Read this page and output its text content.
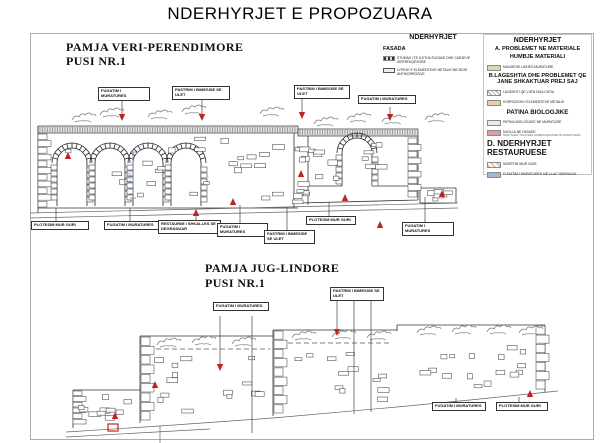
NDERHYRJET E PROPOZUARA
170
PAMJA VERI-PERENDIMORE
PUSI NR.1
PAMJA JUG-LINDORE
PUSI NR.1
FUGATIM I MURATURES
PASTRIM I BIMESISE SE ULET
PASTRIM I BIMESISE SE ULET
FUGATIM I MURATURES
PLOTESIM MUR GURI	FUGATIM I MURATURES	RESTAURIM I SHKALLES SE DEGRADUAR	FUGATIM I MURATURES	PASTRIM I BIMESISE SE ULET
PLOTESIM MUR GURI
FUGATIM I MURATURES
FUGATIM I MURATURES
PASTRIM I BIMESISE SE ULET
FUGATIM I MURATURES	PLOTESIM MUR GURI
NDERHYRJET
FASADA
STUKIMI I TE GJITHA FUGAVE DHE CARJEVE SIPERFAQESORE
LYERJE E ELEMENTEVE METALIK ME BOJE ANTIKORROZIVE
NDERHYRJET
A. PROBLEMET NE MATERIALE
HUMBJE MATERIALI
MUNGESE LIDHES MURATURE
B.LAGESHTIA DHE PROBLEMET QE JANE SHKAKTUAR PREJ SAJ
LAGESHTI QE VJEN NGA CATIA
KORROZION I ELEMENTEVE METALIK
PATINA BIOLOGJIKE
PATINA BIOLOGJIKE NE MURATURE
NJOLLA NE FASADE
NDRYSHIM I NGJYRES SIPERFAQESORE TE MURATURES
D. NDERHYRJET RESTAURUESE
NDERTIM MUR GURI
FUGATIM I MURATURES ME LLAC HIDRAULIK
